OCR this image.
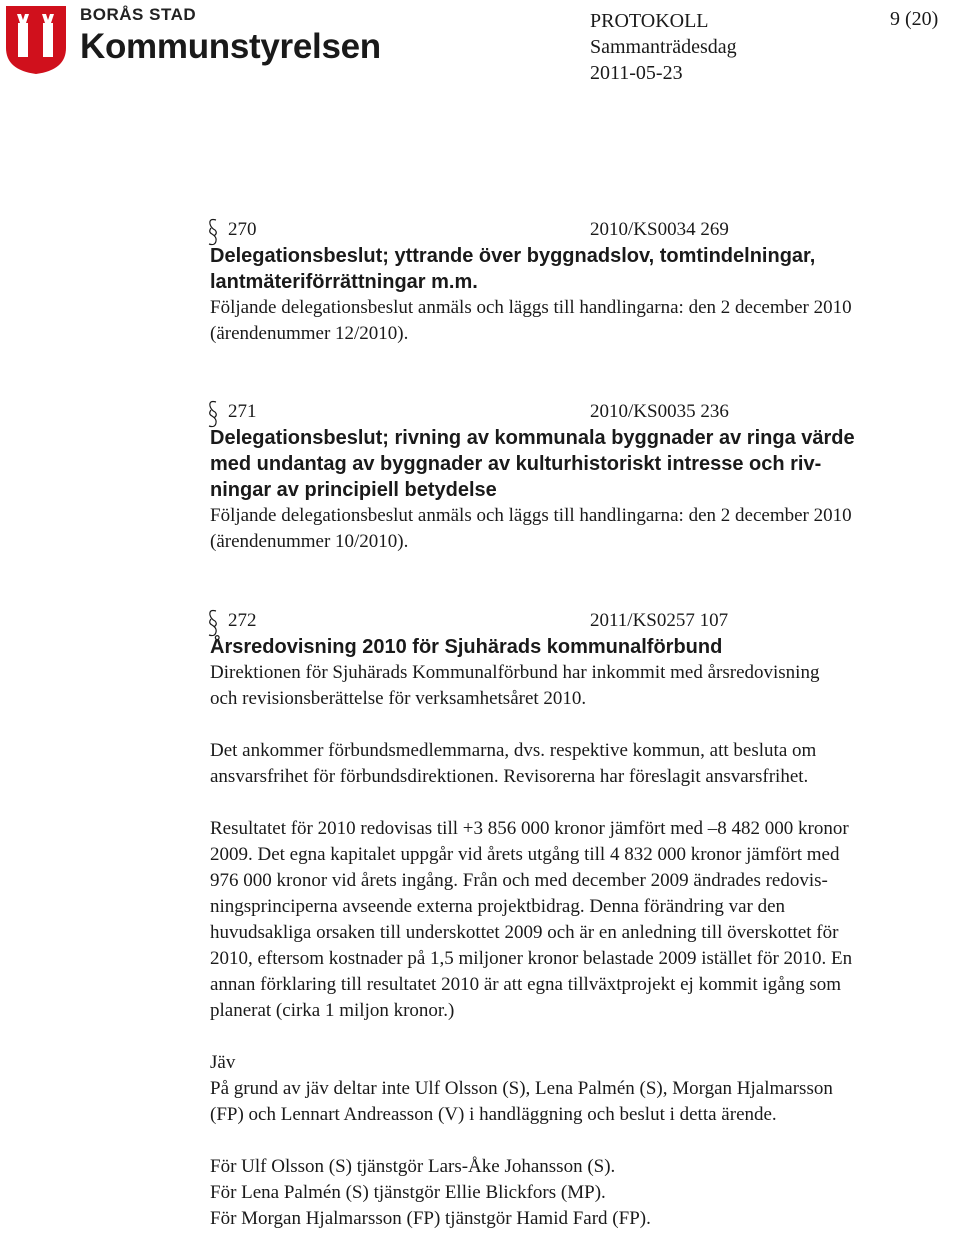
BORÅS STAD
Kommunstyrelsen
PROTOKOLL
Sammanträdesdag
2011-05-23
9 (20)
270	2010/KS0034 269
Delegationsbeslut; yttrande över byggnadslov, tomtindelningar,
lantmäteriförrättningar m.m.
Följande delegationsbeslut anmäls och läggs till handlingarna: den 2 december 2010
(ärendenummer 12/2010).
271	2010/KS0035 236
Delegationsbeslut; rivning av kommunala byggnader av ringa värde
med undantag av byggnader av kulturhistoriskt intresse och riv-
ningar av principiell betydelse
Följande delegationsbeslut anmäls och läggs till handlingarna: den 2 december 2010
(ärendenummer 10/2010).
272	2011/KS0257 107
Årsredovisning 2010 för Sjuhärads kommunalförbund
Direktionen för Sjuhärads Kommunalförbund har inkommit med årsredovisning
och revisionsberättelse för verksamhetsåret 2010.
Det ankommer förbundsmedlemmarna, dvs. respektive kommun, att besluta om
ansvarsfrihet för förbundsdirektionen. Revisorerna har föreslagit ansvarsfrihet.
Resultatet för 2010 redovisas till +3 856 000 kronor jämfört med –8 482 000 kronor
2009. Det egna kapitalet uppgår vid årets utgång till 4 832 000 kronor jämfört med
976 000 kronor vid årets ingång. Från och med december 2009 ändrades redovis-
ningsprinciperna avseende externa projektbidrag. Denna förändring var den
huvudsakliga orsaken till underskottet 2009 och är en anledning till överskottet för
2010, eftersom kostnader på 1,5 miljoner kronor belastade 2009 istället för 2010. En
annan förklaring till resultatet 2010 är att egna tillväxtprojekt ej kommit igång som
planerat (cirka 1 miljon kronor.)
Jäv
På grund av jäv deltar inte Ulf Olsson (S), Lena Palmén (S), Morgan Hjalmarsson
(FP) och Lennart Andreasson (V) i handläggning och beslut i detta ärende.
För Ulf Olsson (S) tjänstgör Lars-Åke Johansson (S).
För Lena Palmén (S) tjänstgör Ellie Blickfors (MP).
För Morgan Hjalmarsson (FP) tjänstgör Hamid Fard (FP).
